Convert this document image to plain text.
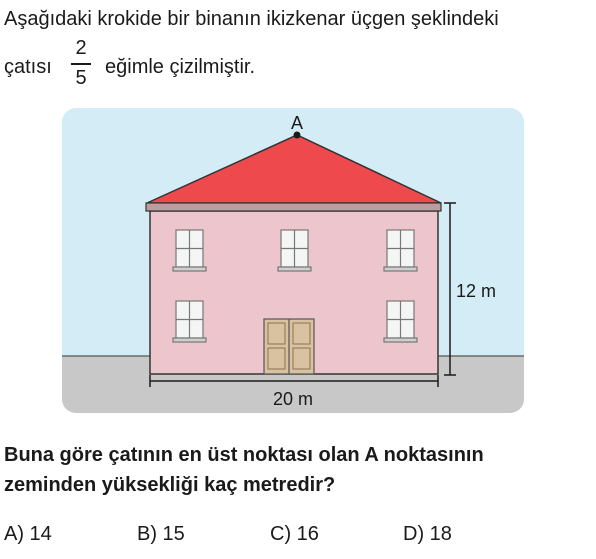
Aşağıdaki krokide bir binanın ikizkenar üçgen şeklindeki
çatısı
2
5 eğimle çizilmiştir.
A
12 m
20 m
Buna göre çatının en üst noktası olan A noktasının
zeminden yüksekliği kaç metredir?
A) 14	B) 15	C) 16	D) 18
